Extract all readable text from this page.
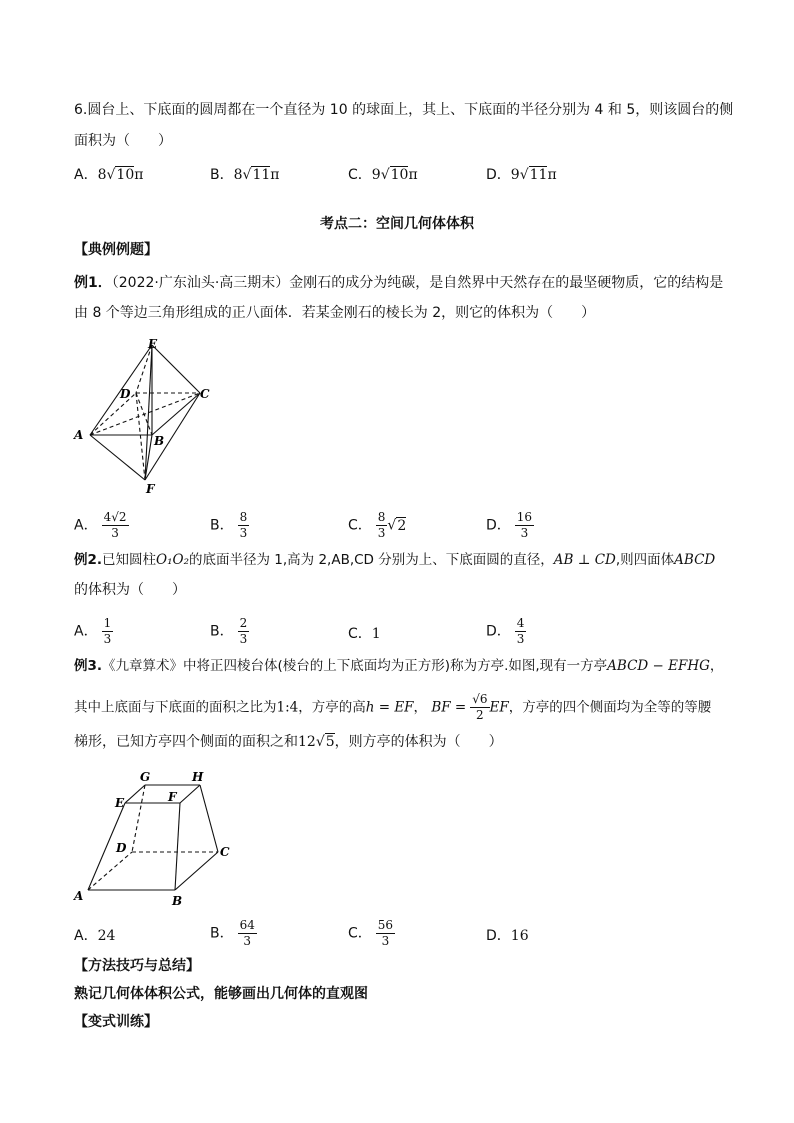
6.圆台上、下底面的圆周都在一个直径为 10 的球面上，其上、下底面的半径分别为 4 和 5，则该圆台的侧
面积为（　　）
A．8√10π	B．8√11π	C．9√10π	D．9√11π
考点二：空间几何体体积
【典例例题】
例1．（2022·广东汕头·高三期末）金刚石的成分为纯碳，是自然界中天然存在的最坚硬物质，它的结构是
由 8 个等边三角形组成的正八面体．若某金刚石的棱长为 2，则它的体积为（　　）
E
D	C
A	B
F
A． $\frac{4√2}{3}$	B． $\frac{8}{3}$	C． $\frac{8}{3} √2$	D． $\frac{16}{3}$
例2.已知圆柱O₁O₂的底面半径为 1,高为 2,AB,CD 分别为上、下底面圆的直径，AB ⊥ CD,则四面体ABCD
的体积为（　　）
A． $\frac{1}{3}$	B． $\frac{2}{3}$	C．1	D． $\frac{4}{3}$
例3.《九章算术》中将正四棱台体(棱台的上下底面均为正方形)称为方亭.如图,现有一方亭ABCD − EFHG，
其中上底面与下底面的面积之比为1:4，方亭的高h = EF， BF = $\frac{√6}{2}$ EF，方亭的四个侧面均为全等的等腰
梯形，已知方亭四个侧面的面积之和12√5，则方亭的体积为（　　）
G	H
E	F
D	C
A	B
A．24	B． $\frac{64}{3}$	C． $\frac{56}{3}$	D．16
【方法技巧与总结】
熟记几何体体积公式，能够画出几何体的直观图
【变式训练】
